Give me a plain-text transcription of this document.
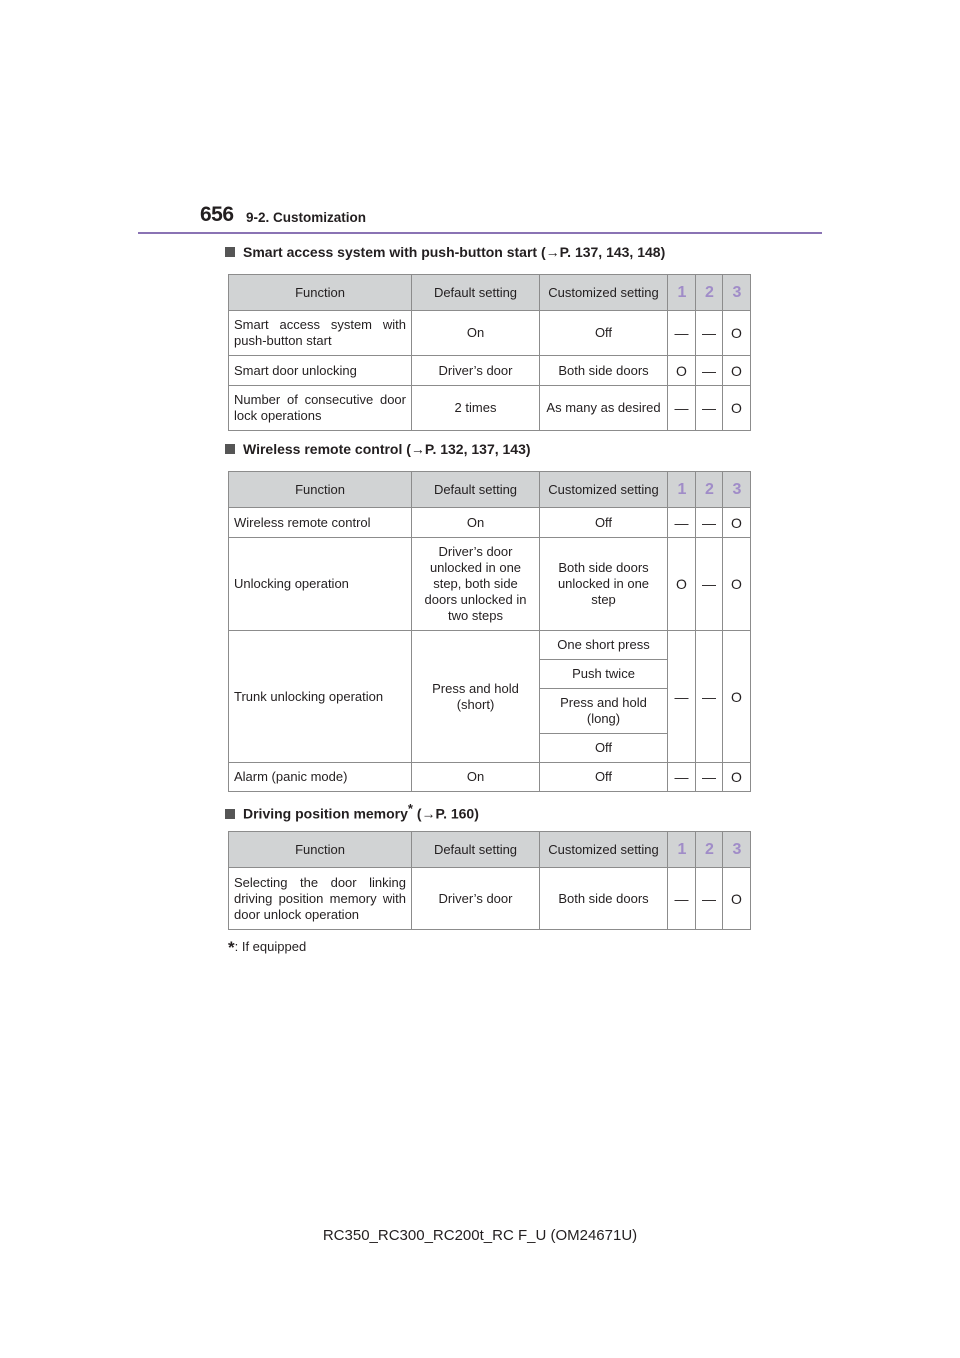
656 9-2. Customization
Smart access system with push-button start (→P. 137, 143, 148)
Function	Default setting	Customized setting	1	2	3
Smart access system with push-button start	On	Off	—	—	O
Smart door unlocking	Driver’s door	Both side doors	O	—	O
Number of consecutive door lock operations	2 times	As many as desired	—	—	O
Wireless remote control (→P. 132, 137, 143)
Function	Default setting	Customized setting	1	2	3
Wireless remote control	On	Off	—	—	O
Unlocking operation	Driver’s door unlocked in one step, both side doors unlocked in two steps	Both side doors unlocked in one step	O	—	O
Trunk unlocking operation	Press and hold (short)	One short press	—	—	O
		Push twice			
		Press and hold (long)			
		Off			
Alarm (panic mode)	On	Off	—	—	O
Driving position memory* (→P. 160)
Function	Default setting	Customized setting	1	2	3
Selecting the door linking driving position memory with door unlock operation	Driver’s door	Both side doors	—	—	O
*: If equipped
RC350_RC300_RC200t_RC F_U (OM24671U)
